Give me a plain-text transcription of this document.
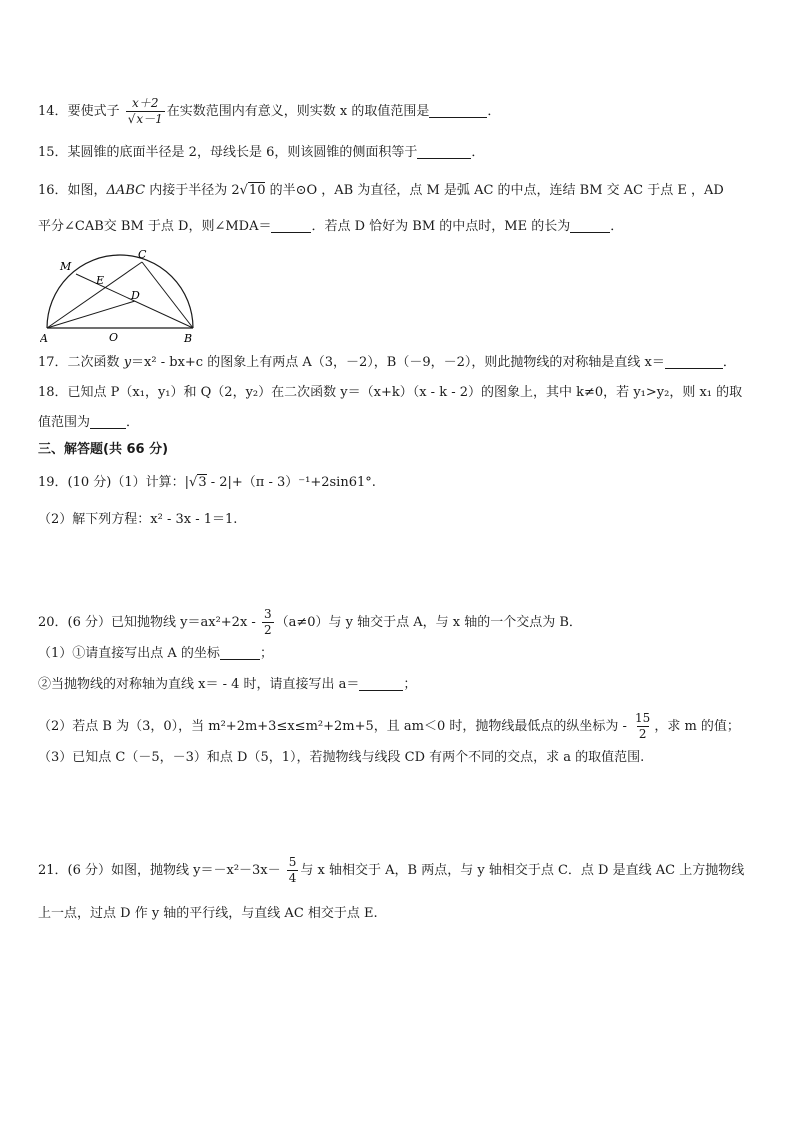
14．要使式子 $\frac{x+2}{√x-1}$ 在实数范围内有意义，则实数 x 的取值范围是	．
15．某圆锥的底面半径是 2，母线长是 6，则该圆锥的侧面积等于	．
16．如图，ΔABC 内接于半径为 2√10 的半⊙O ，AB 为直径，点 M 是弧 AC 的中点，连结 BM 交 AC 于点 E ，AD
平分∠CAB交 BM 于点 D，则∠MDA＝	．若点 D 恰好为 BM 的中点时，ME 的长为	．
M
C
E
D
A	O	B
17．二次函数 y＝x² - bx+c 的图象上有两点 A（3，－2），B（－9，－2），则此抛物线的对称轴是直线 x＝	．
18．已知点 P（x₁，y₁）和 Q（2，y₂）在二次函数 y＝（x+k）（x - k - 2）的图象上，其中 k≠0，若 y₁>y₂，则 x₁ 的取
值范围为	．
三、解答题(共 66 分)
19．(10 分)（1）计算：|√3 - 2|+（π - 3）⁻¹+2sin61°.
（2）解下列方程：x² - 3x - 1＝1.
20．(6 分）已知抛物线 $y=ax^2+2x - \frac{3}{2} (a\ne 0)$与 y 轴交于点 A，与 x 轴的一个交点为 B．
（1）①请直接写出点 A 的坐标	；
②当抛物线的对称轴为直线 x＝ - 4 时，请直接写出 a＝	；
（2）若点 B 为（3，0），当 m²+2m+3≤x≤m²+2m+5，且 am＜0 时，抛物线最低点的纵坐标为 - $\frac{15}{2}$ ，求 m 的值；
（3）已知点 C（－5，－3）和点 D（5，1），若抛物线与线段 CD 有两个不同的交点，求 a 的取值范围.
21．(6 分）如图，抛物线 $y=-x^2-3x- \frac{5}{4}$ 与 x 轴相交于 A，B 两点，与 y 轴相交于点 C．点 D 是直线 AC 上方抛物线
上一点，过点 D 作 y 轴的平行线，与直线 AC 相交于点 E.
